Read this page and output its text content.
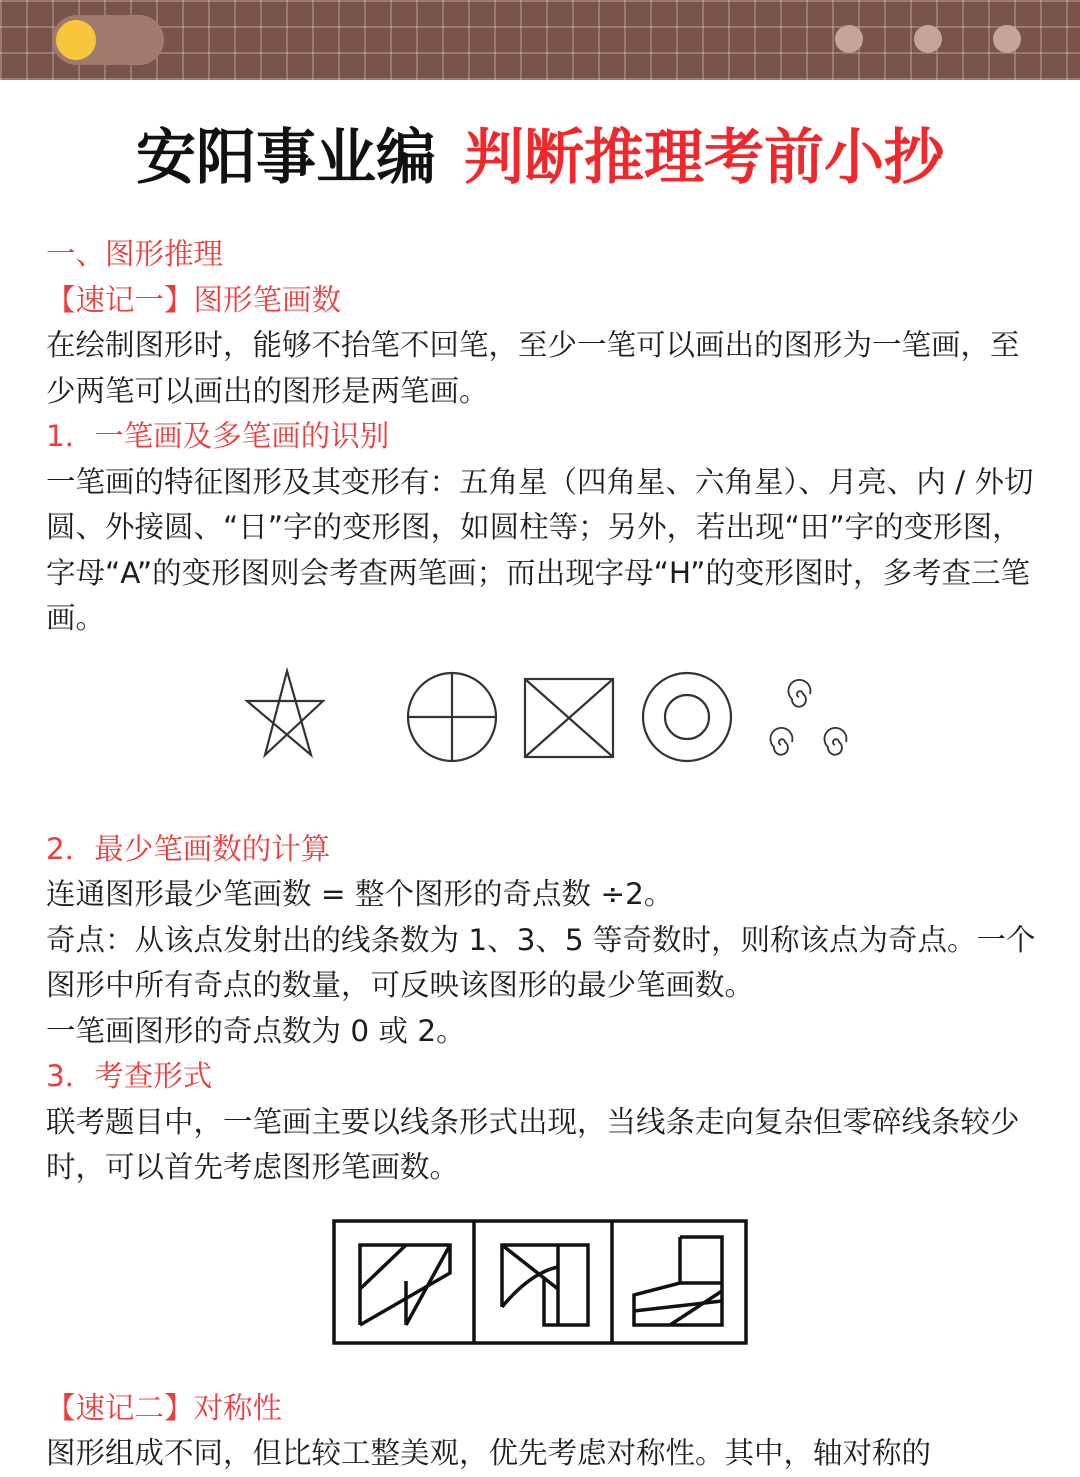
安阳事业编 判断推理考前小抄

一、图形推理

【速记一】图形笔画数

在绘制图形时，能够不抬笔不回笔，至少一笔可以画出的图形为一笔画，至少两笔可以画出的图形是两笔画。

1．一笔画及多笔画的识别

一笔画的特征图形及其变形有：五角星（四角星、六角星）、月亮、内 / 外切圆、外接圆、“日”字的变形图，如圆柱等；另外，若出现“田”字的变形图，字母“A”的变形图则会考查两笔画；而出现字母“H”的变形图时，多考查三笔画。

2．最少笔画数的计算

连通图形最少笔画数 = 整个图形的奇点数 ÷2。

奇点：从该点发射出的线条数为 1、3、5 等奇数时，则称该点为奇点。一个图形中所有奇点的数量，可反映该图形的最少笔画数。

一笔画图形的奇点数为 0 或 2。

3．考查形式

联考题目中，一笔画主要以线条形式出现，当线条走向复杂但零碎线条较少时，可以首先考虑图形笔画数。

【速记二】对称性

图形组成不同，但比较工整美观，优先考虑对称性。其中，轴对称的
